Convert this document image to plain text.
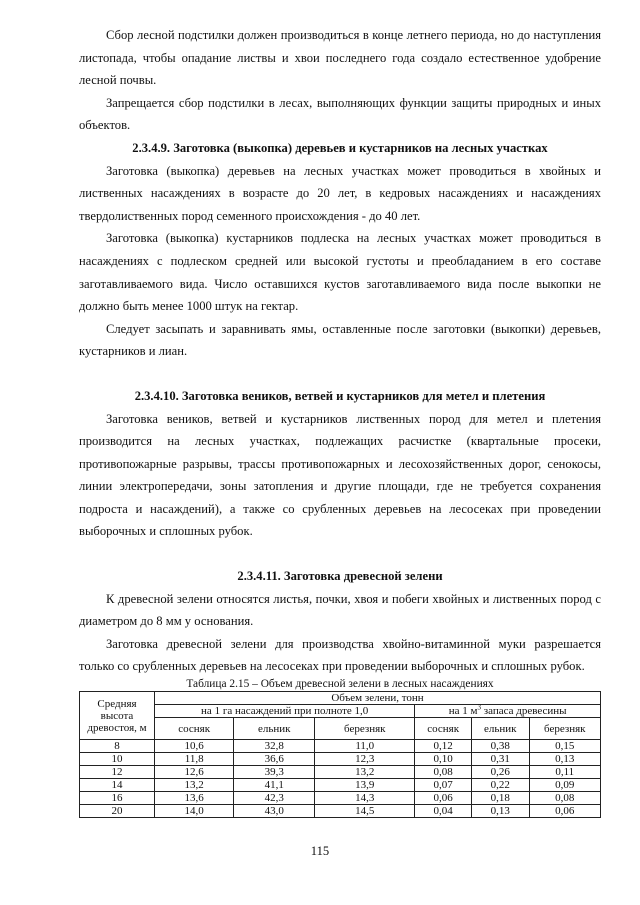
Сбор лесной подстилки должен производиться в конце летнего периода, но до наступления листопада, чтобы опадание листвы и хвои последнего года создало естественное удобрение лесной почвы.

Запрещается сбор подстилки в лесах, выполняющих функции защиты природных и иных объектов.

2.3.4.9. Заготовка (выкопка) деревьев и кустарников на лесных участках

Заготовка (выкопка) деревьев на лесных участках может проводиться в хвойных и лиственных насаждениях в возрасте до 20 лет, в кедровых насаждениях и насаждениях твердолиственных пород семенного происхождения - до 40 лет.

Заготовка (выкопка) кустарников подлеска на лесных участках может проводиться в насаждениях с подлеском средней или высокой густоты и преобладанием в его составе заготавливаемого вида. Число оставшихся кустов заготавливаемого вида после выкопки не должно быть менее 1000 штук на гектар.

Следует засыпать и заравнивать ямы, оставленные после заготовки (выкопки) деревьев, кустарников и лиан.

2.3.4.10. Заготовка веников, ветвей и кустарников для метел и плетения

Заготовка веников, ветвей и кустарников лиственных пород для метел и плетения производится на лесных участках, подлежащих расчистке (квартальные просеки, противопожарные разрывы, трассы противопожарных и лесохозяйственных дорог, сенокосы, линии электропередачи, зоны затопления и другие площади, где не требуется сохранения подроста и насаждений), а также со срубленных деревьев на лесосеках при проведении выборочных и сплошных рубок.

2.3.4.11. Заготовка древесной зелени

К древесной зелени относятся листья, почки, хвоя и побеги хвойных и лиственных пород с диаметром до 8 мм у основания.

Заготовка древесной зелени для производства хвойно-витаминной муки разрешается только со срубленных деревьев на лесосеках при проведении выборочных и сплошных рубок.

Таблица 2.15 – Объем древесной зелени в лесных насаждениях

Средняя высота древостоя, м	Объем зелени, тонн					
	на 1 га насаждений при полноте 1,0			на 1 $м^3$ запаса древесины		
	сосняк	ельник	березняк	сосняк	ельник	березняк
8	10,6	32,8	11,0	0,12	0,38	0,15
10	11,8	36,6	12,3	0,10	0,31	0,13
12	12,6	39,3	13,2	0,08	0,26	0,11
14	13,2	41,1	13,9	0,07	0,22	0,09
16	13,6	42,3	14,3	0,06	0,18	0,08
20	14,0	43,0	14,5	0,04	0,13	0,06
115
